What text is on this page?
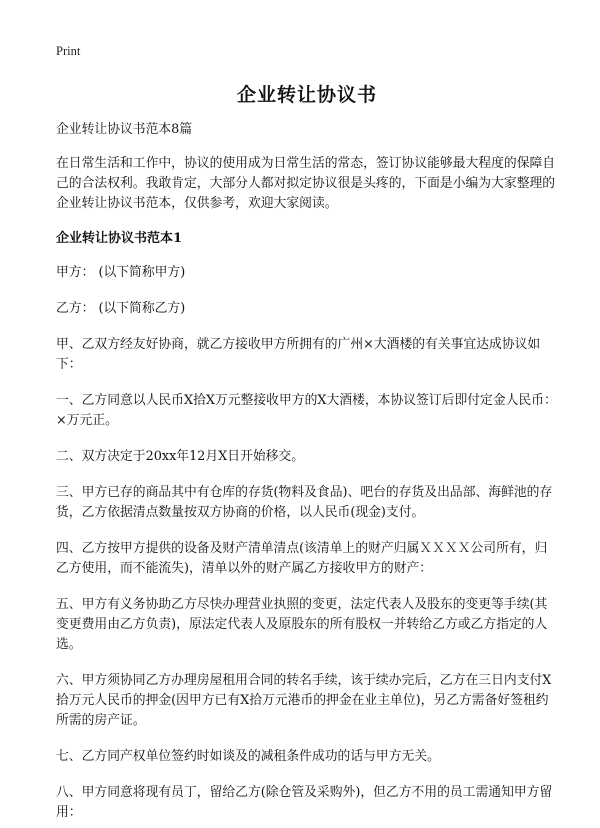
Print

企业转让协议书

企业转让协议书范本8篇

在日常生活和工作中，协议的使用成为日常生活的常态，签订协议能够最大程度的保障自己的合法权利。我敢肯定，大部分人都对拟定协议很是头疼的，下面是小编为大家整理的企业转让协议书范本，仅供参考，欢迎大家阅读。

企业转让协议书范本1

甲方： (以下简称甲方)

乙方： (以下简称乙方)

甲、乙双方经友好协商，就乙方接收甲方所拥有的广州×大酒楼的有关事宜达成协议如下：

一、乙方同意以人民币X拾X万元整接收甲方的X大酒楼，本协议签订后即付定金人民币：×万元正。

二、双方决定于20xx年12月X日开始移交。

三、甲方已存的商品其中有仓库的存货(物料及食品)、吧台的存货及出品部、海鲜池的存货，乙方依据清点数量按双方协商的价格，以人民币(现金)支付。

四、乙方按甲方提供的设备及财产清单清点(该清单上的财产归属ＸＸＸＸ公司所有，归乙方使用，而不能流失)，清单以外的财产属乙方接收甲方的财产：

五、甲方有义务协助乙方尽快办理营业执照的变更，法定代表人及股东的变更等手续(其变更费用由乙方负责)，原法定代表人及原股东的所有股权一并转给乙方或乙方指定的人选。

六、甲方须协同乙方办理房屋租用合同的转名手续，该于续办完后，乙方在三日内支付X拾万元人民币的押金(因甲方已有X拾万元港币的押金在业主单位)，另乙方需备好签租约所需的房产证。

七、乙方同产权单位签约时如谈及的减租条件成功的话与甲方无关。

八、甲方同意将现有员丁，留给乙方(除仓管及采购外)，但乙方不用的员工需通知甲方留用：
